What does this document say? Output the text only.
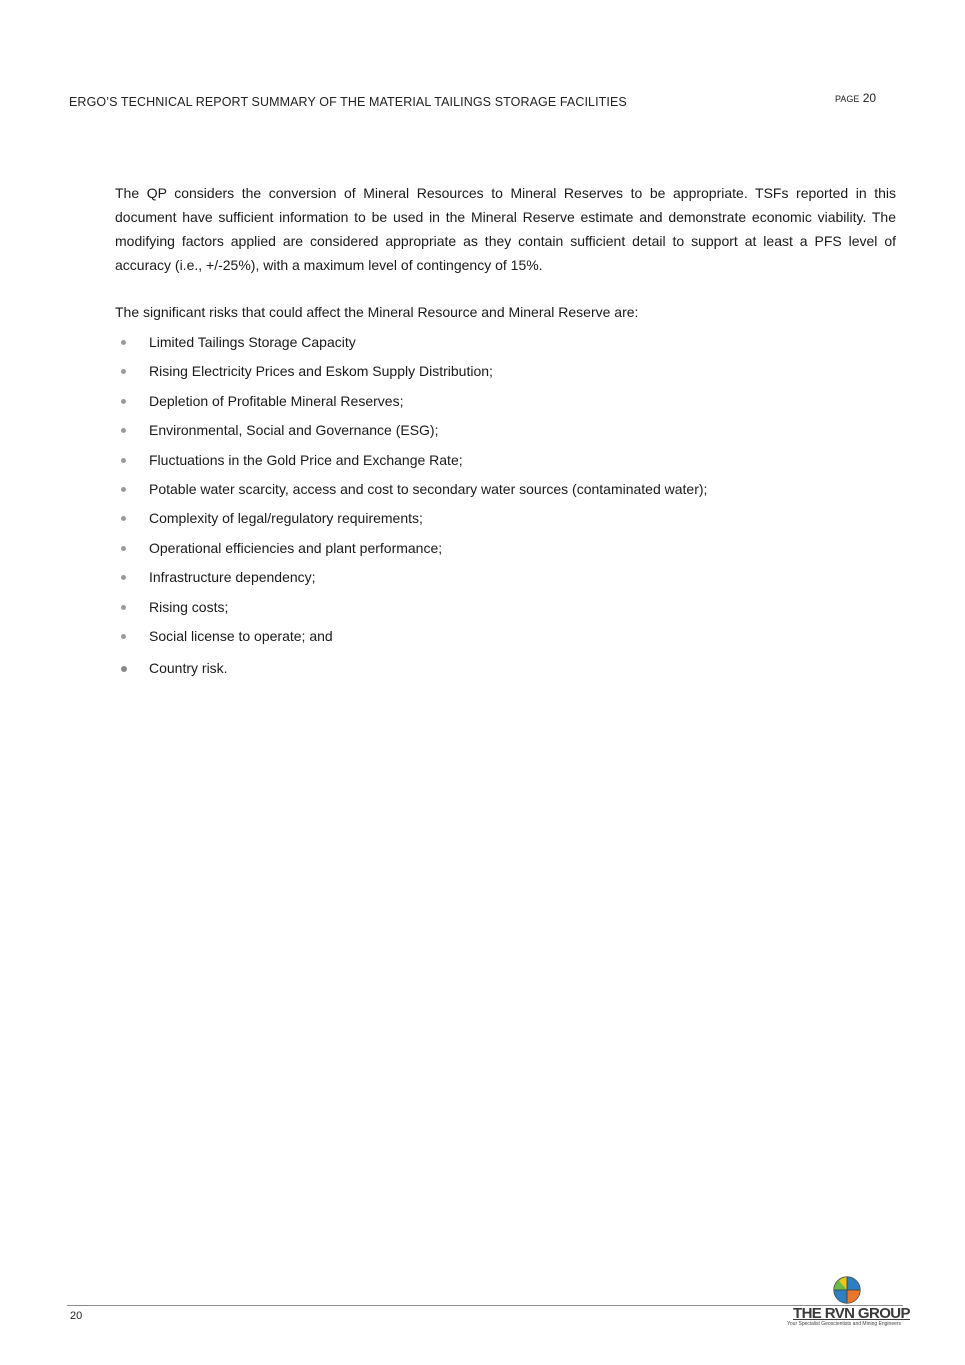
ERGO’S TECHNICAL REPORT SUMMARY OF THE MATERIAL TAILINGS STORAGE FACILITIES	PAGE 20

The QP considers the conversion of Mineral Resources to Mineral Reserves to be appropriate. TSFs reported in this document have sufficient information to be used in the Mineral Reserve estimate and demonstrate economic viability. The modifying factors applied are considered appropriate as they contain sufficient detail to support at least a PFS level of accuracy (i.e., +/-25%), with a maximum level of contingency of 15%.

The significant risks that could affect the Mineral Resource and Mineral Reserve are:

Limited Tailings Storage Capacity
Rising Electricity Prices and Eskom Supply Distribution;
Depletion of Profitable Mineral Reserves;
Environmental, Social and Governance (ESG);
Fluctuations in the Gold Price and Exchange Rate;
Potable water scarcity, access and cost to secondary water sources (contaminated water);
Complexity of legal/regulatory requirements;
Operational efficiencies and plant performance;
Infrastructure dependency;
Rising costs;
Social license to operate; and
Country risk.
20	THE RVN GROUP
Your Specialist Geoscientists and Mining Engineers
